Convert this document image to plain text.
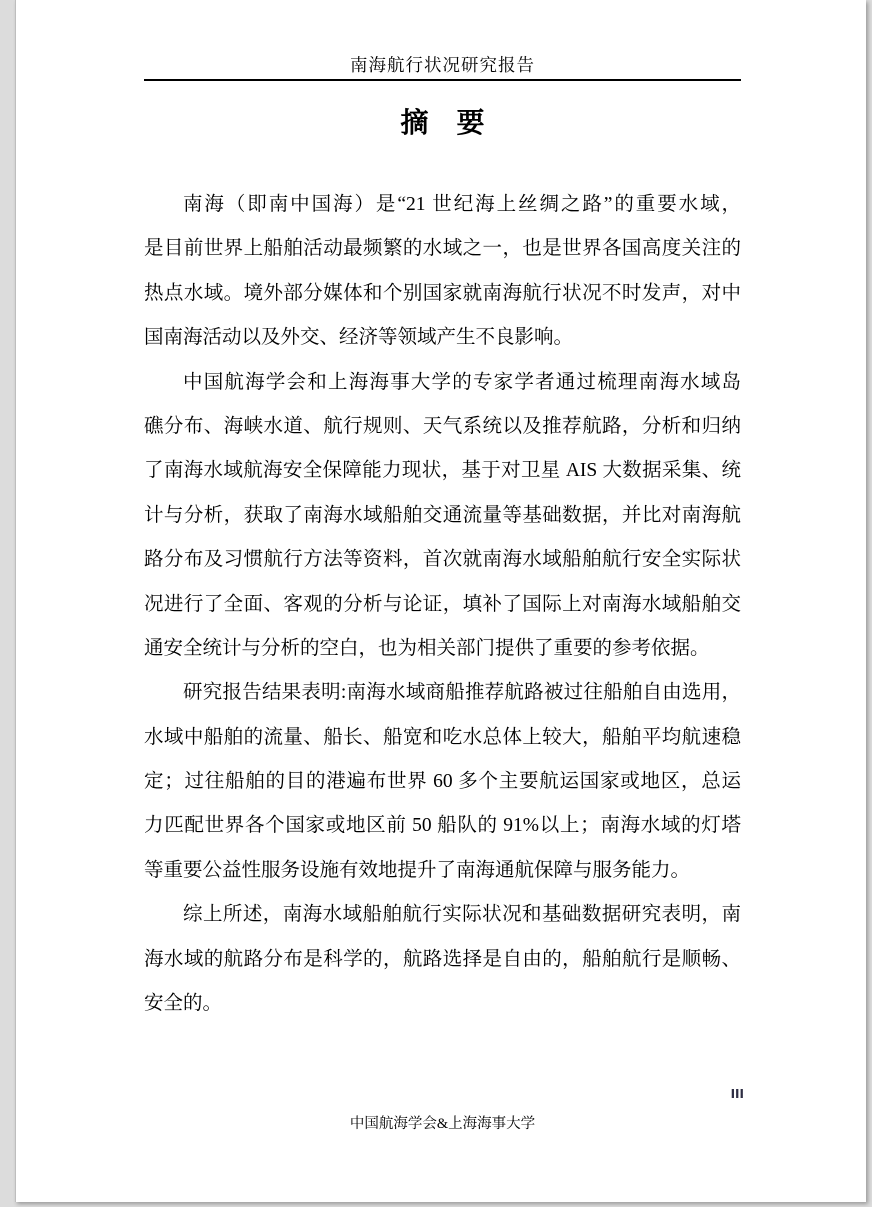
南海航行状况研究报告
摘　要
南海（即南中国海）是“21 世纪海上丝绸之路”的重要水域，
是目前世界上船舶活动最频繁的水域之一，也是世界各国高度关注的
热点水域。境外部分媒体和个别国家就南海航行状况不时发声，对中
国南海活动以及外交、经济等领域产生不良影响。
中国航海学会和上海海事大学的专家学者通过梳理南海水域岛
礁分布、海峡水道、航行规则、天气系统以及推荐航路，分析和归纳
了南海水域航海安全保障能力现状，基于对卫星 AIS 大数据采集、统
计与分析，获取了南海水域船舶交通流量等基础数据，并比对南海航
路分布及习惯航行方法等资料，首次就南海水域船舶航行安全实际状
况进行了全面、客观的分析与论证，填补了国际上对南海水域船舶交
通安全统计与分析的空白，也为相关部门提供了重要的参考依据。
研究报告结果表明:南海水域商船推荐航路被过往船舶自由选用，
水域中船舶的流量、船长、船宽和吃水总体上较大，船舶平均航速稳
定；过往船舶的目的港遍布世界 60 多个主要航运国家或地区，总运
力匹配世界各个国家或地区前 50 船队的 91%以上；南海水域的灯塔
等重要公益性服务设施有效地提升了南海通航保障与服务能力。
综上所述，南海水域船舶航行实际状况和基础数据研究表明，南
海水域的航路分布是科学的，航路选择是自由的，船舶航行是顺畅、
安全的。
III
中国航海学会&上海海事大学
